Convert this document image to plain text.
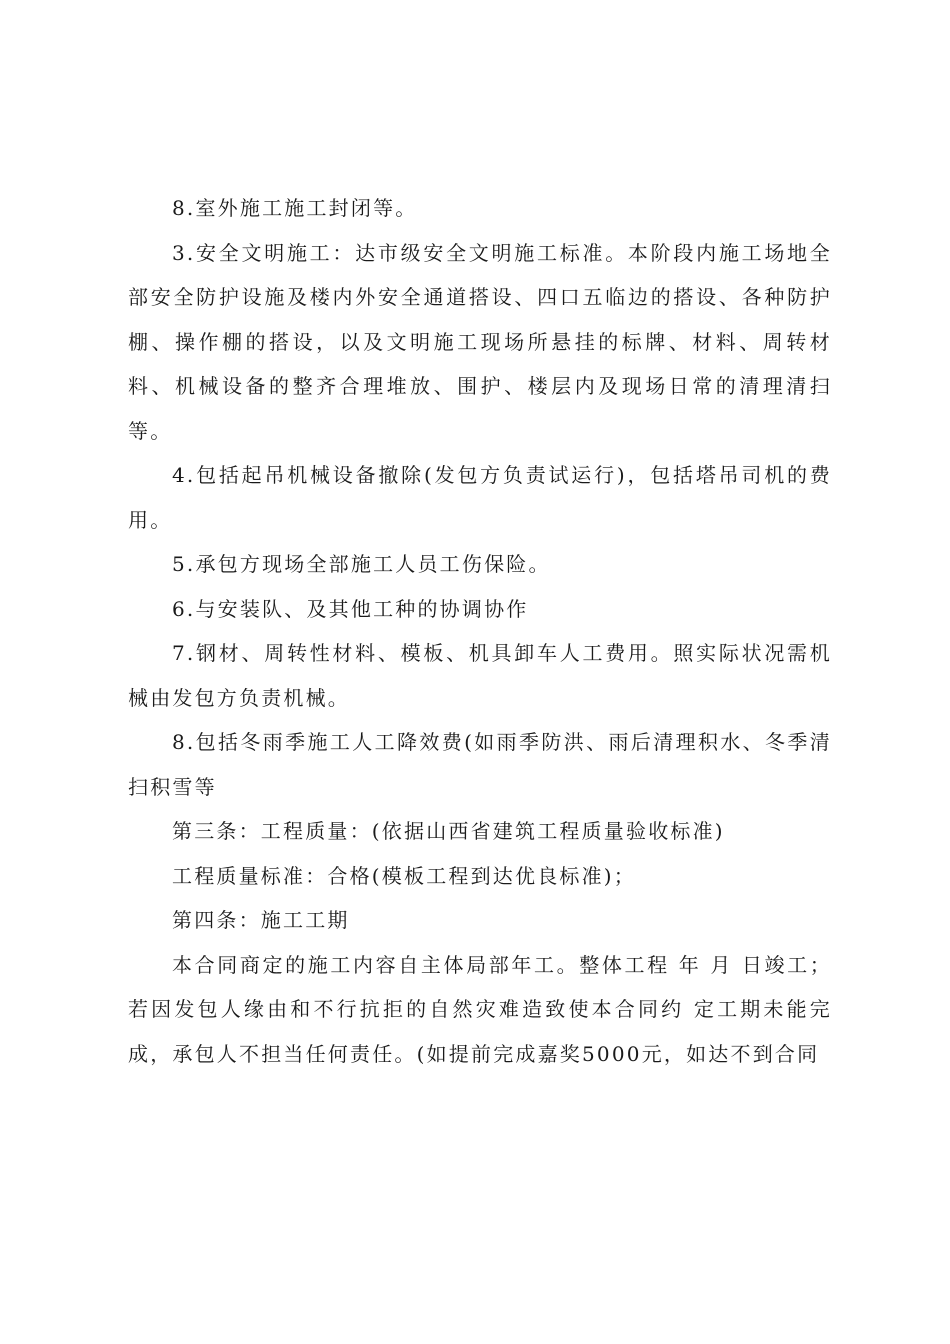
8.室外施工施工封闭等。

3.安全文明施工：达市级安全文明施工标准。本阶段内施工场地全部安全防护设施及楼内外安全通道搭设、四口五临边的搭设、各种防护棚、操作棚的搭设，以及文明施工现场所悬挂的标牌、材料、周转材料、机械设备的整齐合理堆放、围护、楼层内及现场日常的清理清扫等。

4.包括起吊机械设备撤除(发包方负责试运行)，包括塔吊司机的费用。

5.承包方现场全部施工人员工伤保险。

6.与安装队、及其他工种的协调协作

7.钢材、周转性材料、模板、机具卸车人工费用。照实际状况需机械由发包方负责机械。

8.包括冬雨季施工人工降效费(如雨季防洪、雨后清理积水、冬季清扫积雪等

第三条：工程质量：(依据山西省建筑工程质量验收标准)

工程质量标准：合格(模板工程到达优良标准)；

第四条：施工工期

本合同商定的施工内容自主体局部年工。整体工程 年 月 日竣工；若因发包人缘由和不行抗拒的自然灾难造致使本合同约 定工期未能完成，承包人不担当任何责任。(如提前完成嘉奖5000元，如达不到合同
